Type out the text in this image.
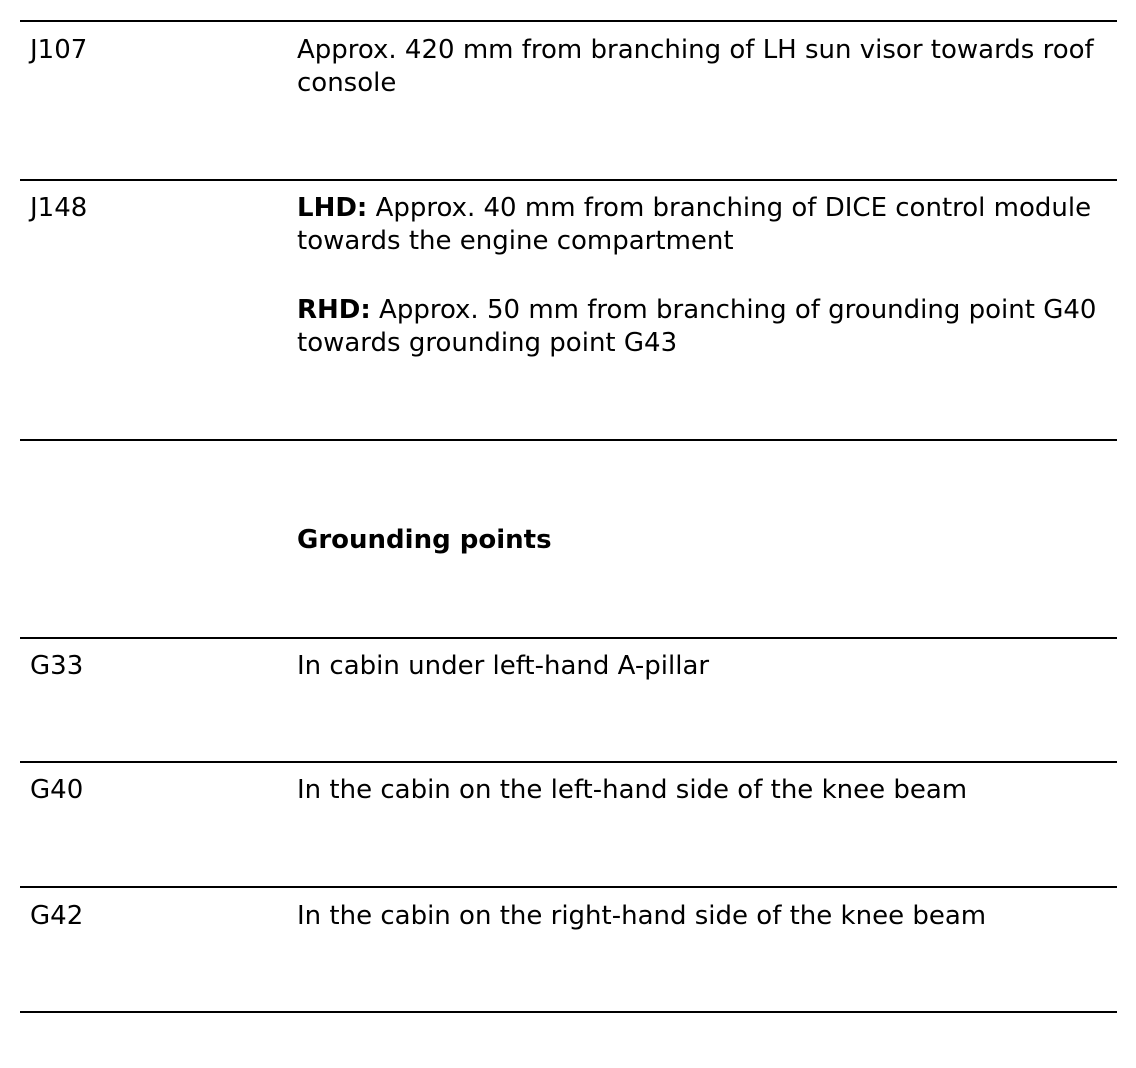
J107	Approx. 420 mm from branching of LH sun visor towards roof console

J148	LHD: Approx. 40 mm from branching of DICE control module towards the engine compartment

RHD: Approx. 50 mm from branching of grounding point G40 towards grounding point G43

Grounding points
G33	In cabin under left-hand A-pillar
G40	In the cabin on the left-hand side of the knee beam
G42	In the cabin on the right-hand side of the knee beam
